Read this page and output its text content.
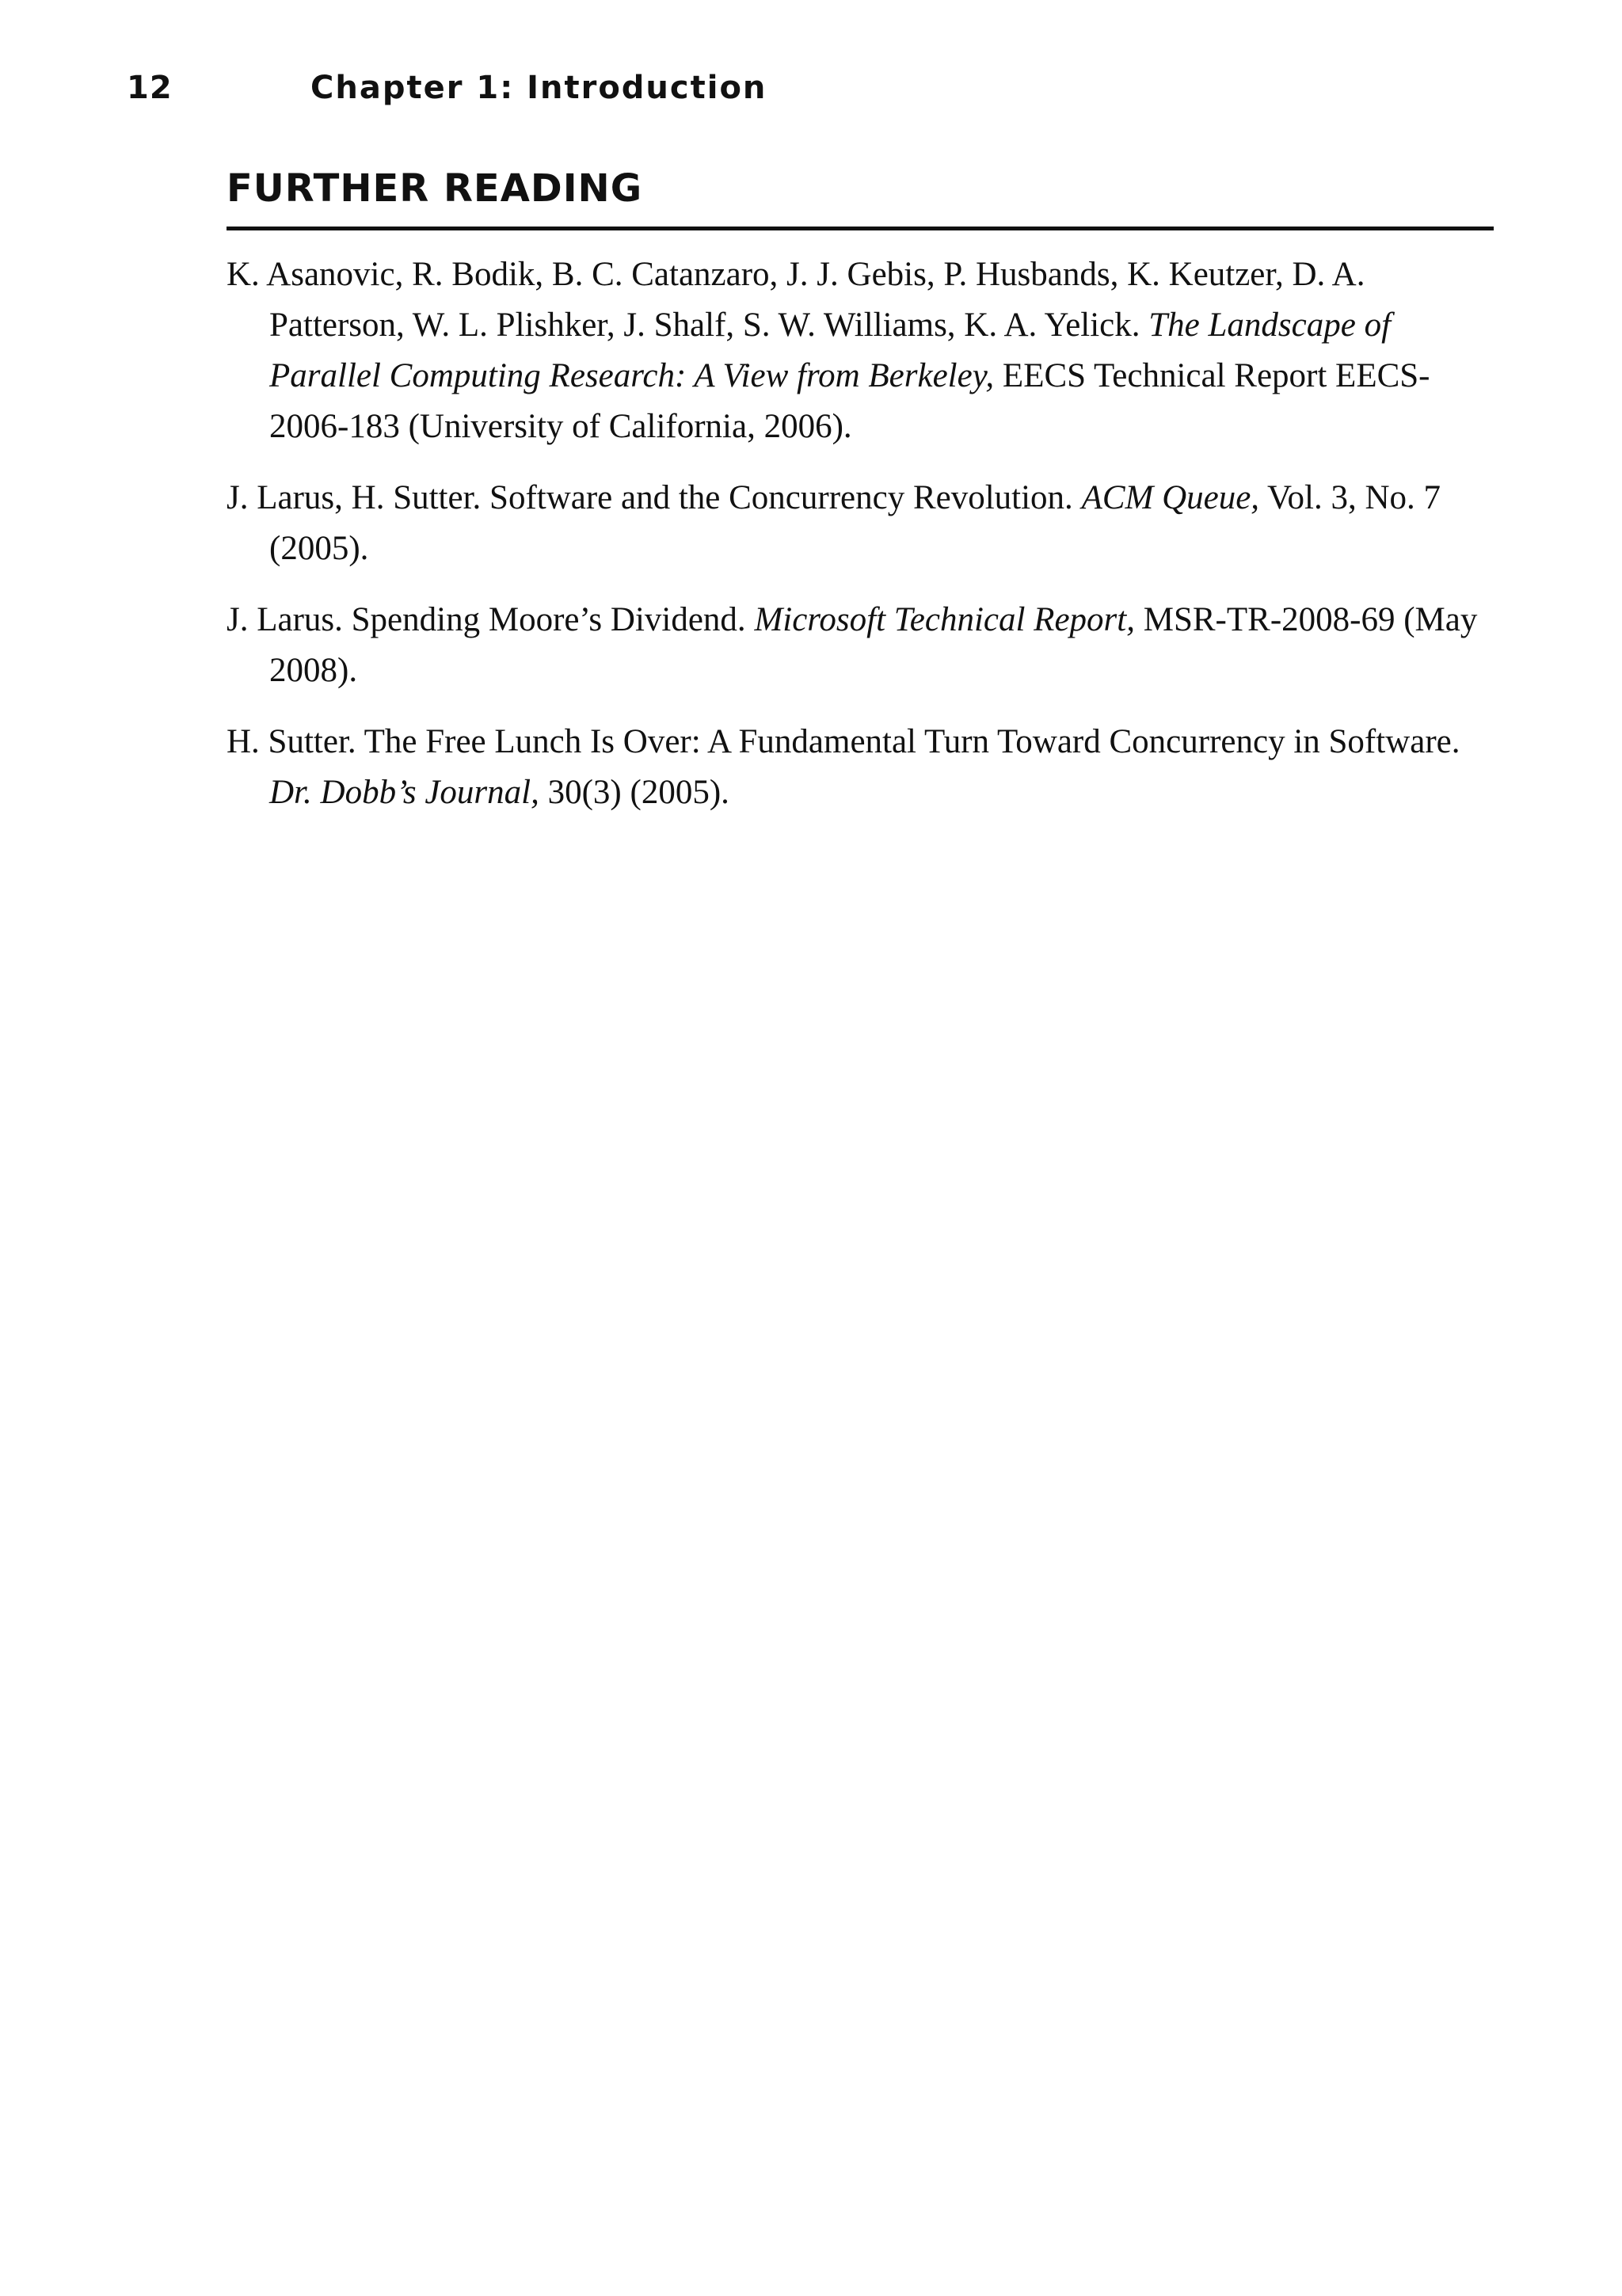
12	Chapter 1: Introduction
FURTHER READING

K. Asanovic, R. Bodik, B. C. Catanzaro, J. J. Gebis, P. Husbands, K. Keutzer, D. A. Patterson, W. L. Plishker, J. Shalf, S. W. Williams, K. A. Yelick. The Landscape of Parallel Computing Research: A View from Berkeley, EECS Technical Report EECS-2006-183 (University of California, 2006).

J. Larus, H. Sutter. Software and the Concurrency Revolution. ACM Queue, Vol. 3, No. 7 (2005).

J. Larus. Spending Moore’s Dividend. Microsoft Technical Report, MSR-TR-2008-69 (May 2008).

H. Sutter. The Free Lunch Is Over: A Fundamental Turn Toward Concurrency in Software. Dr. Dobb’s Journal, 30(3) (2005).
